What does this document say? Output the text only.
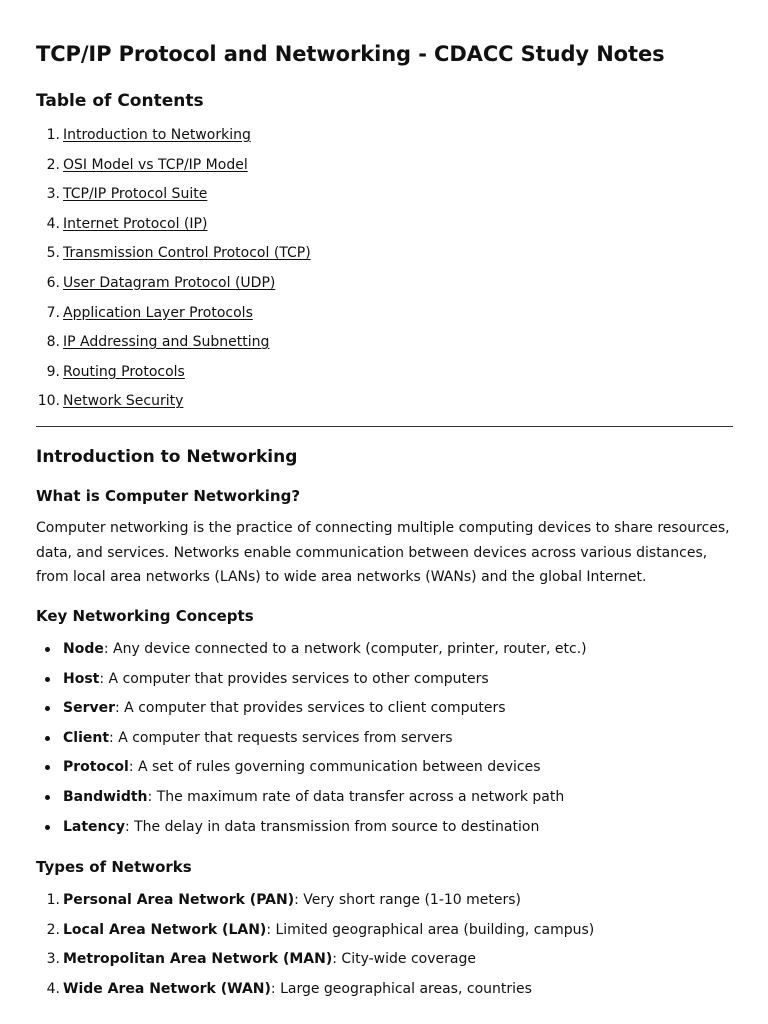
TCP/IP Protocol and Networking - CDACC Study Notes
Table of Contents
1. Introduction to Networking
2. OSI Model vs TCP/IP Model
3. TCP/IP Protocol Suite
4. Internet Protocol (IP)
5. Transmission Control Protocol (TCP)
6. User Datagram Protocol (UDP)
7. Application Layer Protocols
8. IP Addressing and Subnetting
9. Routing Protocols
10. Network Security
Introduction to Networking
What is Computer Networking?

Computer networking is the practice of connecting multiple computing devices to share resources, data, and services. Networks enable communication between devices across various distances, from local area networks (LANs) to wide area networks (WANs) and the global Internet.

Key Networking Concepts
Node: Any device connected to a network (computer, printer, router, etc.)
Host: A computer that provides services to other computers
Server: A computer that provides services to client computers
Client: A computer that requests services from servers
Protocol: A set of rules governing communication between devices
Bandwidth: The maximum rate of data transfer across a network path
Latency: The delay in data transmission from source to destination
Types of Networks
1. Personal Area Network (PAN): Very short range (1-10 meters)
2. Local Area Network (LAN): Limited geographical area (building, campus)
3. Metropolitan Area Network (MAN): City-wide coverage
4. Wide Area Network (WAN): Large geographical areas, countries
